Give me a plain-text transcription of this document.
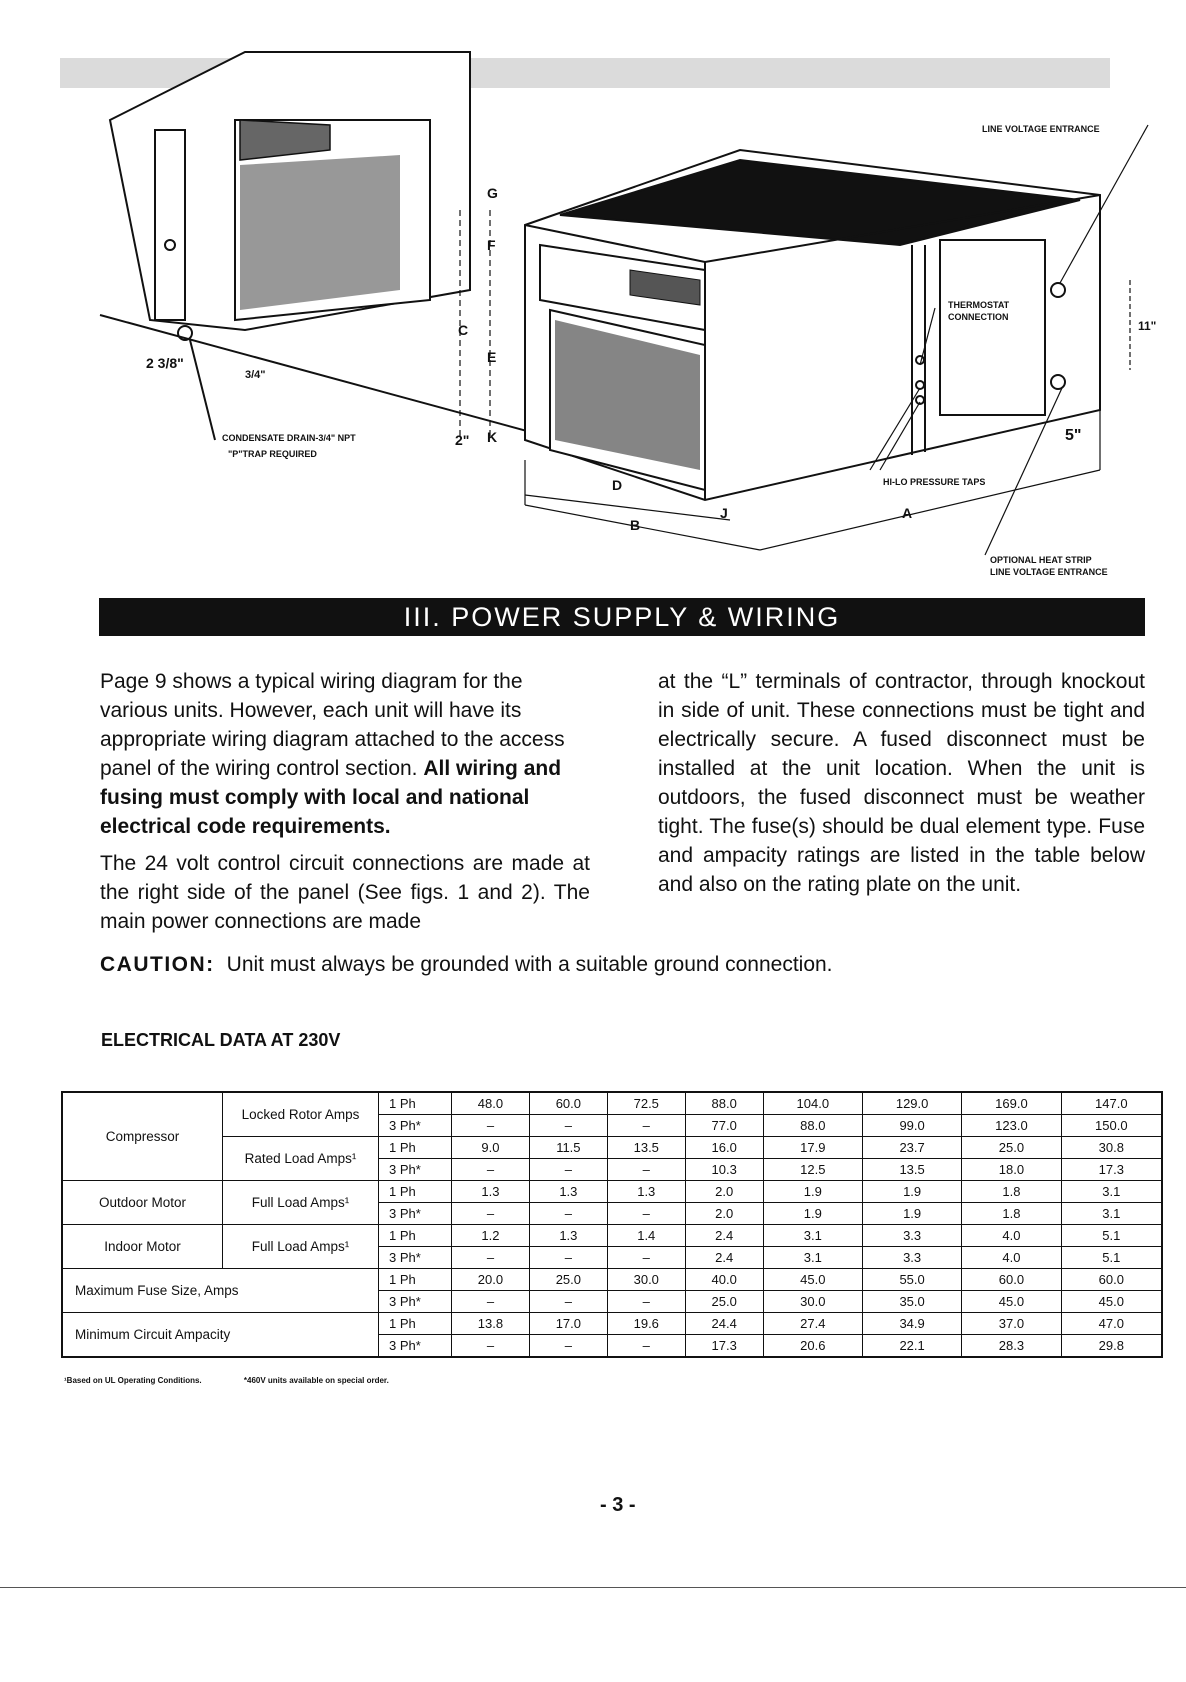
LINE VOLTAGE ENTRANCE
THERMOSTAT
CONNECTION
HI-LO PRESSURE TAPS
OPTIONAL HEAT STRIP
LINE VOLTAGE ENTRANCE
CONDENSATE DRAIN-3/4" NPT
"P"TRAP REQUIRED
A
B
C
D
E
F
G
J
K
2"	5"
11"
2 3/8"
3/4"
III. POWER SUPPLY & WIRING

Page 9 shows a typical wiring diagram for the various units. However, each unit will have its appropriate wiring diagram attached to the access panel of the wiring control section. All wiring and fusing must comply with local and national electrical code requirements.

The 24 volt control circuit connections are made at the right side of the panel (See figs. 1 and 2). The main power connections are made

at the “L” terminals of contractor, through knockout in side of unit. These connections must be tight and electrically secure. A fused disconnect must be installed at the unit location. When the unit is outdoors, the fused disconnect must be weather tight. The fuse(s) should be dual element type. Fuse and ampacity ratings are listed in the table below and also on the rating plate on the unit.

CAUTION: Unit must always be grounded with a suitable ground connection.
ELECTRICAL DATA AT 230V
Compressor	Locked Rotor Amps	1 Ph	48.0	60.0	72.5	88.0	104.0	129.0	169.0	147.0
		3 Ph*	–	–	–	77.0	88.0	99.0	123.0	150.0
	Rated Load Amps¹	1 Ph	9.0	11.5	13.5	16.0	17.9	23.7	25.0	30.8
		3 Ph*	–	–	–	10.3	12.5	13.5	18.0	17.3
Outdoor Motor	Full Load Amps¹	1 Ph	1.3	1.3	1.3	2.0	1.9	1.9	1.8	3.1
		3 Ph*	–	–	–	2.0	1.9	1.9	1.8	3.1
Indoor Motor	Full Load Amps¹	1 Ph	1.2	1.3	1.4	2.4	3.1	3.3	4.0	5.1
		3 Ph*	–	–	–	2.4	3.1	3.3	4.0	5.1
Maximum Fuse Size, Amps		1 Ph	20.0	25.0	30.0	40.0	45.0	55.0	60.0	60.0
		3 Ph*	–	–	–	25.0	30.0	35.0	45.0	45.0
Minimum Circuit Ampacity		1 Ph	13.8	17.0	19.6	24.4	27.4	34.9	37.0	47.0
		3 Ph*	–	–	–	17.3	20.6	22.1	28.3	29.8
¹Based on UL Operating Conditions.	*460V units available on special order.
- 3 -
